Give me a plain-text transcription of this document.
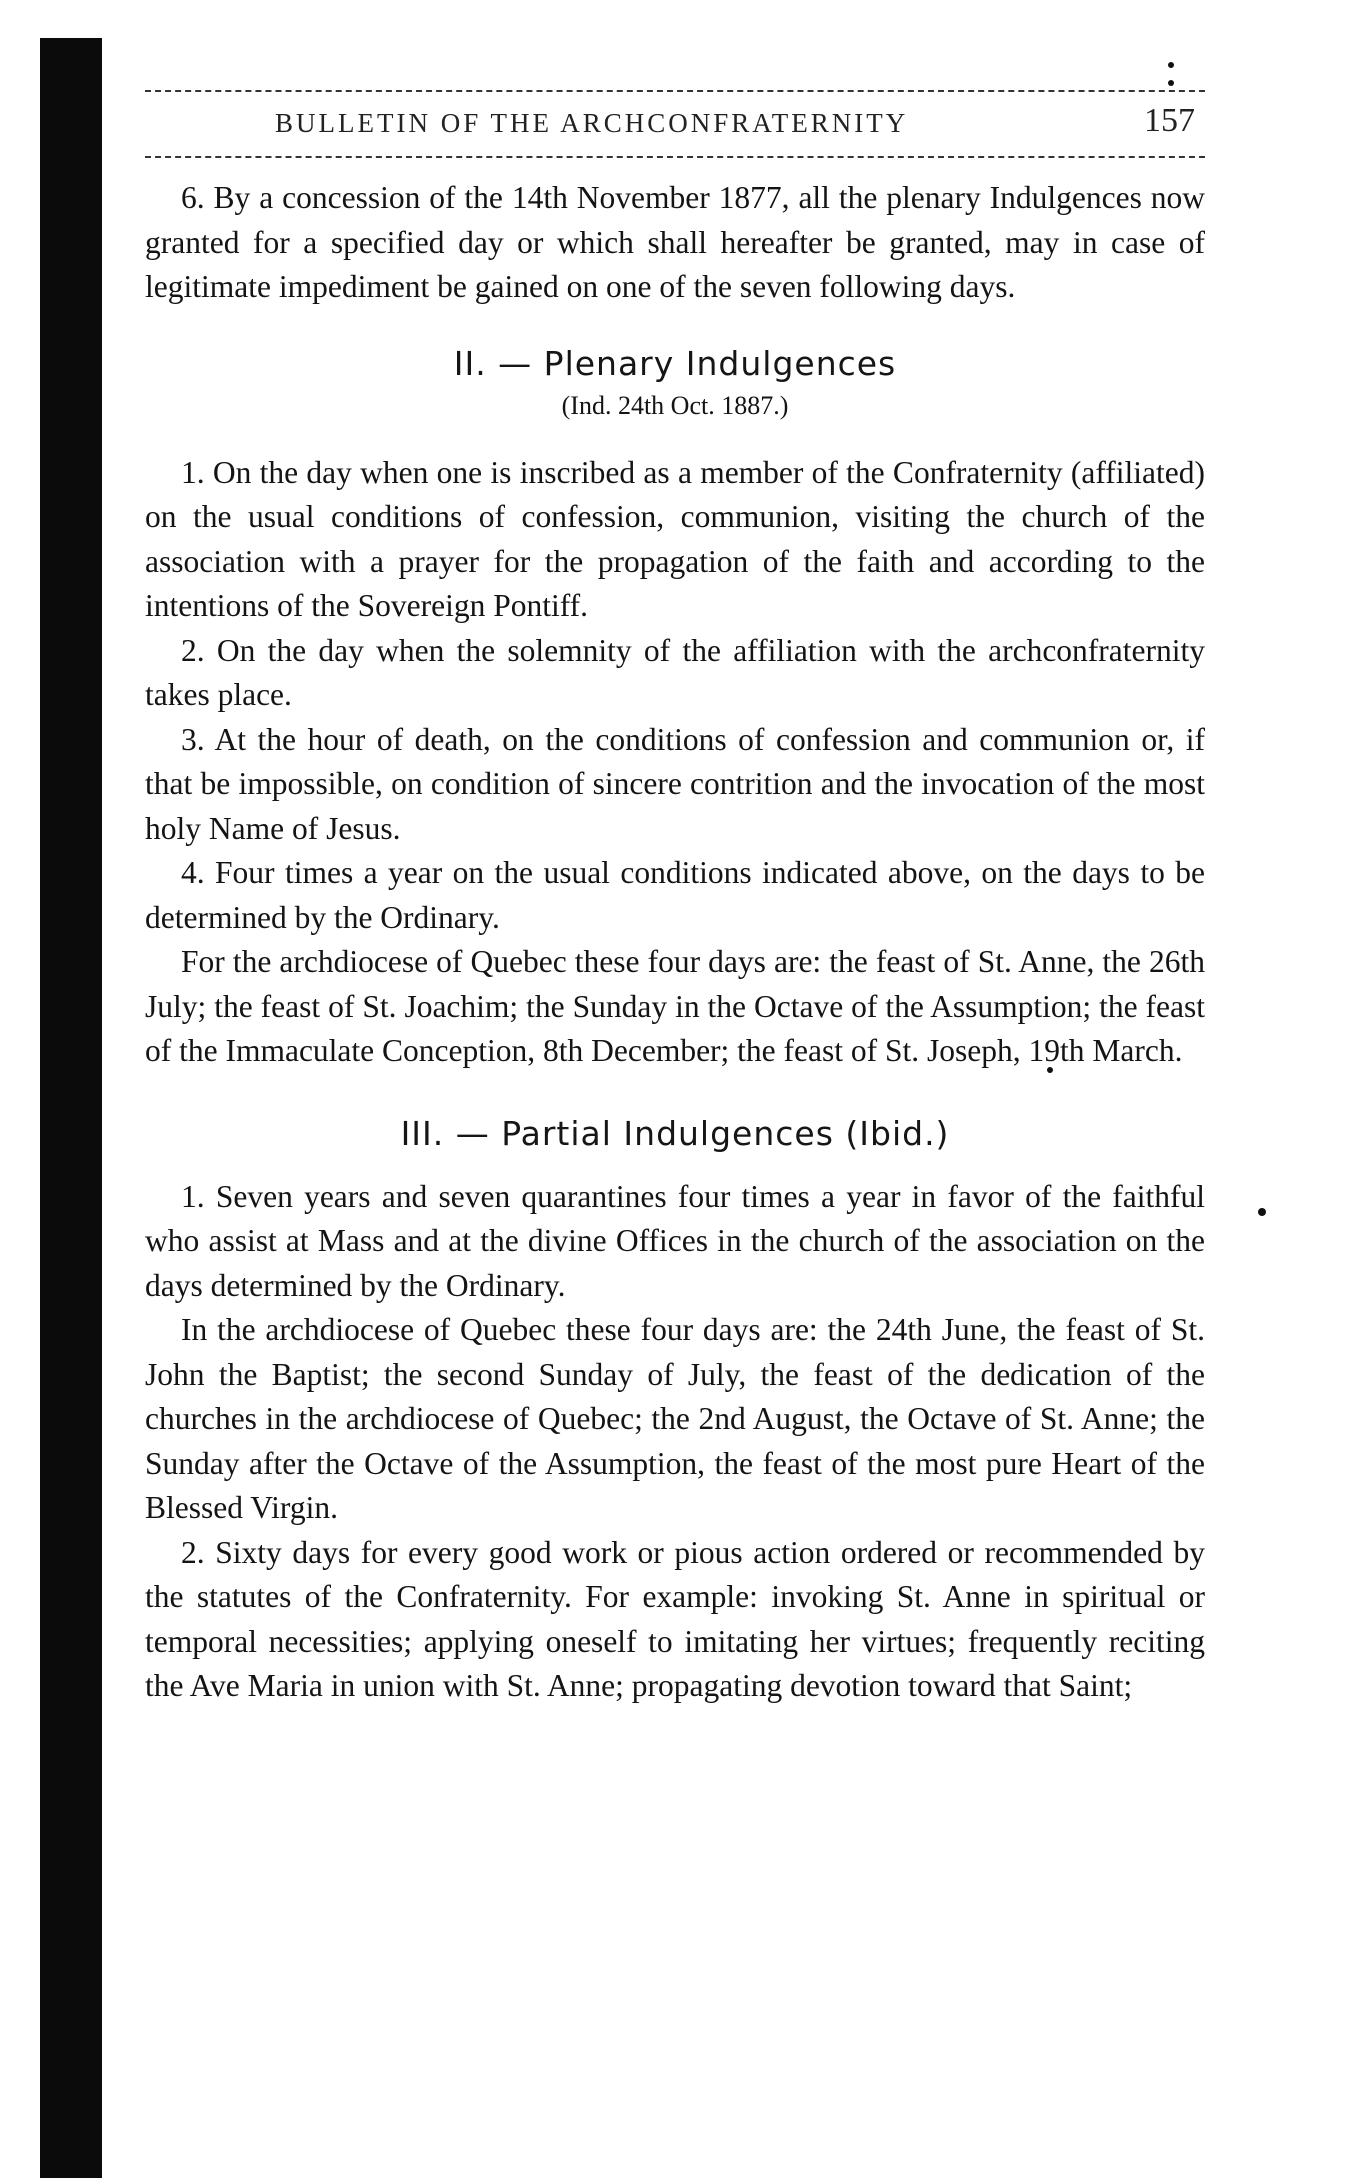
BULLETIN OF THE ARCHCONFRATERNITY	157

6. By a concession of the 14th November 1877, all the plenary Indulgences now granted for a specified day or which shall hereafter be granted, may in case of legitimate impediment be gained on one of the seven following days.

II. — Plenary Indulgences
(Ind. 24th Oct. 1887.)

1. On the day when one is inscribed as a member of the Confraternity (affiliated) on the usual conditions of confession, communion, visiting the church of the association with a prayer for the propagation of the faith and according to the intentions of the Sovereign Pontiff.

2. On the day when the solemnity of the affiliation with the archconfraternity takes place.

3. At the hour of death, on the conditions of confession and communion or, if that be impossible, on condition of sincere contrition and the invocation of the most holy Name of Jesus.

4. Four times a year on the usual conditions indicated above, on the days to be determined by the Ordinary.

For the archdiocese of Quebec these four days are: the feast of St. Anne, the 26th July; the feast of St. Joachim; the Sunday in the Octave of the Assumption; the feast of the Immaculate Conception, 8th December; the feast of St. Joseph, 19th March.

III. — Partial Indulgences (Ibid.)

1. Seven years and seven quarantines four times a year in favor of the faithful who assist at Mass and at the divine Offices in the church of the association on the days determined by the Ordinary.

In the archdiocese of Quebec these four days are: the 24th June, the feast of St. John the Baptist; the second Sunday of July, the feast of the dedication of the churches in the archdiocese of Quebec; the 2nd August, the Octave of St. Anne; the Sunday after the Octave of the Assumption, the feast of the most pure Heart of the Blessed Virgin.

2. Sixty days for every good work or pious action ordered or recommended by the statutes of the Confraternity. For example: invoking St. Anne in spiritual or temporal necessities; applying oneself to imitating her virtues; frequently reciting the Ave Maria in union with St. Anne; propagating devotion toward that Saint;
